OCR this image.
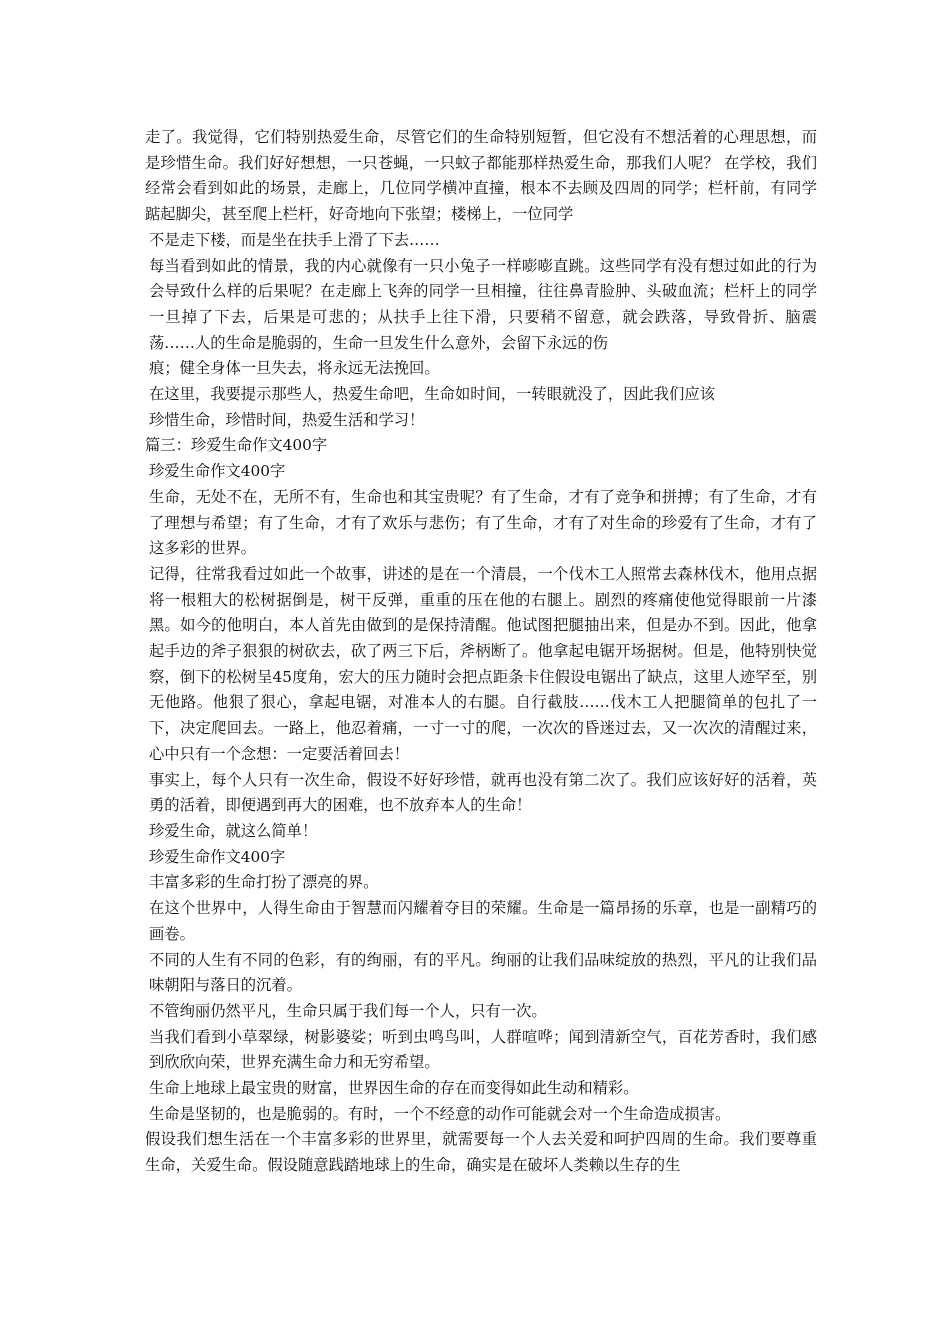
走了。我觉得，它们特别热爱生命，尽管它们的生命特别短暂，但它没有不想活着的心理思想，而是珍惜生命。我们好好想想，一只苍蝇，一只蚊子都能那样热爱生命，那我们人呢？ 在学校，我们经常会看到如此的场景，走廊上，几位同学横冲直撞，根本不去顾及四周的同学；栏杆前，有同学踮起脚尖，甚至爬上栏杆，好奇地向下张望；楼梯上，一位同学

不是走下楼，而是坐在扶手上滑了下去……

每当看到如此的情景，我的内心就像有一只小兔子一样嘭嘭直跳。这些同学有没有想过如此的行为会导致什么样的后果呢？在走廊上飞奔的同学一旦相撞，往往鼻青脸肿、头破血流；栏杆上的同学一旦掉了下去，后果是可悲的；从扶手上往下滑，只要稍不留意，就会跌落，导致骨折、脑震荡……人的生命是脆弱的，生命一旦发生什么意外，会留下永远的伤

痕；健全身体一旦失去，将永远无法挽回。

在这里，我要提示那些人，热爱生命吧，生命如时间，一转眼就没了，因此我们应该

珍惜生命，珍惜时间，热爱生活和学习！

篇三：珍爱生命作文400字

珍爱生命作文400字

生命，无处不在，无所不有，生命也和其宝贵呢？有了生命，才有了竞争和拼搏；有了生命，才有了理想与希望；有了生命，才有了欢乐与悲伤；有了生命，才有了对生命的珍爱有了生命，才有了这多彩的世界。

记得，往常我看过如此一个故事，讲述的是在一个清晨，一个伐木工人照常去森林伐木，他用点据将一根粗大的松树据倒是，树干反弹，重重的压在他的右腿上。剧烈的疼痛使他觉得眼前一片漆黑。如今的他明白，本人首先由做到的是保持清醒。他试图把腿抽出来，但是办不到。因此，他拿起手边的斧子狠狠的树砍去，砍了两三下后，斧柄断了。他拿起电锯开场据树。但是，他特别快觉察，倒下的松树呈45度角，宏大的压力随时会把点距条卡住假设电锯出了缺点，这里人迹罕至，别无他路。他狠了狠心，拿起电锯，对准本人的右腿。自行截肢……伐木工人把腿简单的包扎了一下，决定爬回去。一路上，他忍着痛，一寸一寸的爬，一次次的昏迷过去，又一次次的清醒过来，心中只有一个念想：一定要活着回去！

事实上，每个人只有一次生命，假设不好好珍惜，就再也没有第二次了。我们应该好好的活着，英勇的活着，即便遇到再大的困难，也不放弃本人的生命！

珍爱生命，就这么简单！

珍爱生命作文400字

丰富多彩的生命打扮了漂亮的界。

在这个世界中，人得生命由于智慧而闪耀着夺目的荣耀。生命是一篇昂扬的乐章，也是一副精巧的画卷。

不同的人生有不同的色彩，有的绚丽，有的平凡。绚丽的让我们品味绽放的热烈，平凡的让我们品味朝阳与落日的沉着。

不管绚丽仍然平凡，生命只属于我们每一个人，只有一次。

当我们看到小草翠绿，树影婆娑；听到虫鸣鸟叫，人群喧哗；闻到清新空气，百花芳香时，我们感到欣欣向荣，世界充满生命力和无穷希望。

生命上地球上最宝贵的财富，世界因生命的存在而变得如此生动和精彩。

生命是坚韧的，也是脆弱的。有时，一个不经意的动作可能就会对一个生命造成损害。

假设我们想生活在一个丰富多彩的世界里，就需要每一个人去关爱和呵护四周的生命。我们要尊重生命，关爱生命。假设随意践踏地球上的生命，确实是在破坏人类赖以生存的生
